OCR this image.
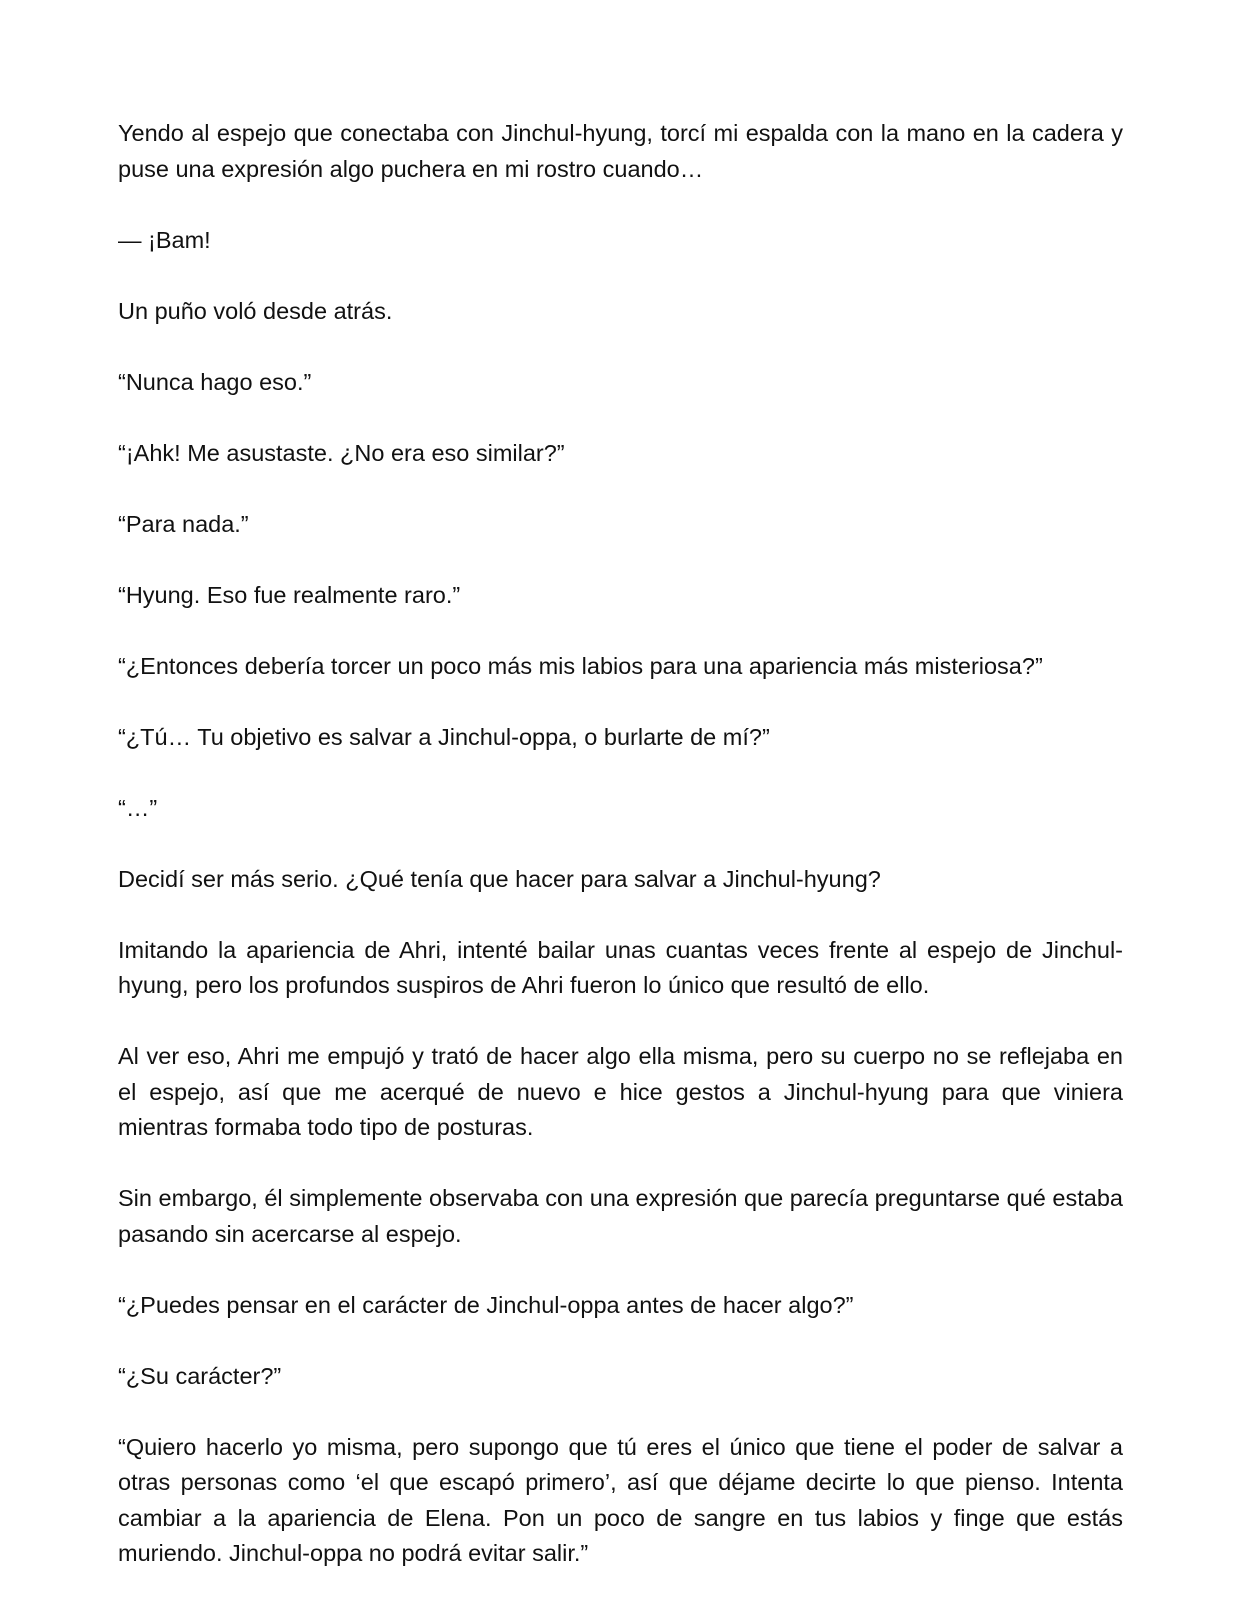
Yendo al espejo que conectaba con Jinchul-hyung, torcí mi espalda con la mano en la cadera y puse una expresión algo puchera en mi rostro cuando…

— ¡Bam!

Un puño voló desde atrás.

“Nunca hago eso.”

“¡Ahk! Me asustaste. ¿No era eso similar?”

“Para nada.”

“Hyung. Eso fue realmente raro.”

“¿Entonces debería torcer un poco más mis labios para una apariencia más misteriosa?”

“¿Tú… Tu objetivo es salvar a Jinchul-oppa, o burlarte de mí?”

“…”

Decidí ser más serio. ¿Qué tenía que hacer para salvar a Jinchul-hyung?

Imitando la apariencia de Ahri, intenté bailar unas cuantas veces frente al espejo de Jinchul-hyung, pero los profundos suspiros de Ahri fueron lo único que resultó de ello.

Al ver eso, Ahri me empujó y trató de hacer algo ella misma, pero su cuerpo no se reflejaba en el espejo, así que me acerqué de nuevo e hice gestos a Jinchul-hyung para que viniera mientras formaba todo tipo de posturas.

Sin embargo, él simplemente observaba con una expresión que parecía preguntarse qué estaba pasando sin acercarse al espejo.

“¿Puedes pensar en el carácter de Jinchul-oppa antes de hacer algo?”

“¿Su carácter?”

“Quiero hacerlo yo misma, pero supongo que tú eres el único que tiene el poder de salvar a otras personas como ‘el que escapó primero’, así que déjame decirte lo que pienso. Intenta cambiar a la apariencia de Elena. Pon un poco de sangre en tus labios y finge que estás muriendo. Jinchul-oppa no podrá evitar salir.”
